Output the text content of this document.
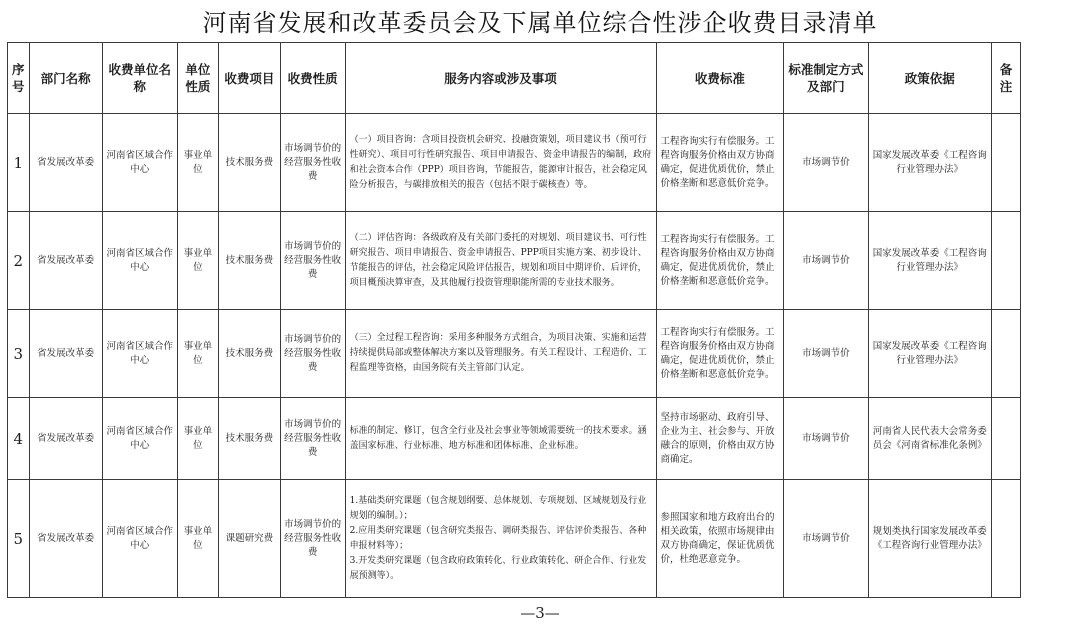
河南省发展和改革委员会及下属单位综合性涉企收费目录清单
序号	部门名称	收费单位名称	单位性质	收费项目	收费性质	服务内容或涉及事项	收费标准	标准制定方式及部门	政策依据	备注
1	省发展改革委	河南省区域合作中心	事业单位	技术服务费	市场调节价的经营服务性收费	（一）项目咨询：含项目投资机会研究、投融资策划，项目建议书（预可行性研究）、项目可行性研究报告、项目申请报告、资金申请报告的编制，政府和社会资本合作（PPP）项目咨询，节能报告，能源审计报告，社会稳定风险分析报告，与碳排放相关的报告（包括不限于碳核查）等。	工程咨询实行有偿服务。工程咨询服务价格由双方协商确定，促进优质优价，禁止价格垄断和恶意低价竞争。	市场调节价	国家发展改革委《工程咨询行业管理办法》	
2	省发展改革委	河南省区域合作中心	事业单位	技术服务费	市场调节价的经营服务性收费	（二）评估咨询：各级政府及有关部门委托的对规划、项目建议书、可行性研究报告、项目申请报告、资金申请报告、PPP项目实施方案、初步设计、节能报告的评估，社会稳定风险评估报告，规划和项目中期评价、后评价，项目概预决算审查，及其他履行投资管理职能所需的专业技术服务。	工程咨询实行有偿服务。工程咨询服务价格由双方协商确定，促进优质优价，禁止价格垄断和恶意低价竞争。	市场调节价	国家发展改革委《工程咨询行业管理办法》	
3	省发展改革委	河南省区域合作中心	事业单位	技术服务费	市场调节价的经营服务性收费	（三）全过程工程咨询：采用多种服务方式组合，为项目决策、实施和运营持续提供局部或整体解决方案以及管理服务。有关工程设计、工程造价、工程监理等资格，由国务院有关主管部门认定。	工程咨询实行有偿服务。工程咨询服务价格由双方协商确定，促进优质优价，禁止价格垄断和恶意低价竞争。	市场调节价	国家发展改革委《工程咨询行业管理办法》	
4	省发展改革委	河南省区域合作中心	事业单位	技术服务费	市场调节价的经营服务性收费	标准的制定、修订，包含全行业及社会事业等领域需要统一的技术要求。涵盖国家标准、行业标准、地方标准和团体标准、企业标准。	坚持市场驱动、政府引导、企业为主、社会参与、开放融合的原则，价格由双方协商确定。	市场调节价	河南省人民代表大会常务委员会《河南省标准化条例》	
5	省发展改革委	河南省区域合作中心	事业单位	课题研究费	市场调节价的经营服务性收费	1.基础类研究课题（包含规划纲要、总体规划、专项规划、区域规划及行业规划的编制。）；
2.应用类研究课题（包含研究类报告、调研类报告、评估评价类报告、各种申报材料等）；
3.开发类研究课题（包含政府政策转化、行业政策转化、研企合作、行业发展预测等）。	参照国家和地方政府出台的相关政策，依照市场规律由双方协商确定，保证优质优价，杜绝恶意竞争。	市场调节价	规划类执行国家发展改革委《工程咨询行业管理办法》	
—3—
